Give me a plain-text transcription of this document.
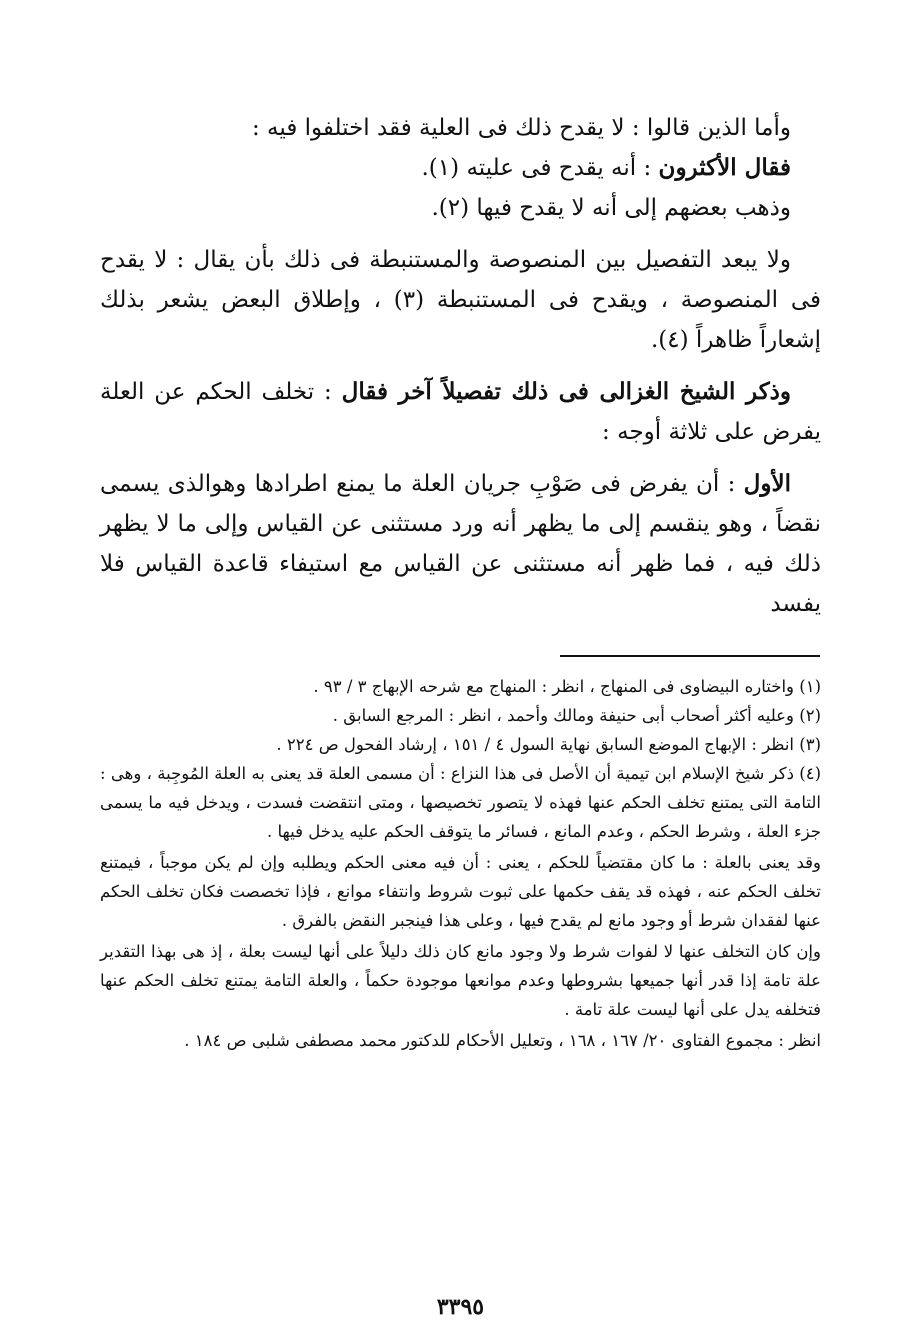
وأما الذين قالوا : لا يقدح ذلك فى العلية فقد اختلفوا فيه :

فقال الأكثرون : أنه يقدح فى عليته (١).

وذهب بعضهم إلى أنه لا يقدح فيها (٢).

ولا يبعد التفصيل بين المنصوصة والمستنبطة فى ذلك بأن يقال : لا يقدح فى المنصوصة ، ويقدح فى المستنبطة (٣) ، وإطلاق البعض يشعر بذلك إشعاراً ظاهراً (٤).

وذكر الشيخ الغزالى فى ذلك تفصيلاً آخر فقال : تخلف الحكم عن العلة يفرض على ثلاثة أوجه :

الأول : أن يفرض فى صَوْبِ جريان العلة ما يمنع اطرادها وهوالذى يسمى نقضاً ، وهو ينقسم إلى ما يظهر أنه ورد مستثنى عن القياس وإلى ما لا يظهر ذلك فيه ، فما ظهر أنه مستثنى عن القياس مع استيفاء قاعدة القياس فلا يفسد

(١) واختاره البيضاوى فى المنهاج ، انظر : المنهاج مع شرحه الإبهاج ٣ / ٩٣ .

(٢) وعليه أكثر أصحاب أبى حنيفة ومالك وأحمد ، انظر : المرجع السابق .

(٣) انظر : الإبهاج الموضع السابق نهاية السول ٤ / ١٥١ ، إرشاد الفحول ص ٢٢٤ .

(٤) ذكر شيخ الإسلام ابن تيمية أن الأصل فى هذا النزاع : أن مسمى العلة قد يعنى به العلة المُوجِبة ، وهى : التامة التى يمتنع تخلف الحكم عنها فهذه لا يتصور تخصيصها ، ومتى انتقضت فسدت ، ويدخل فيه ما يسمى جزء العلة ، وشرط الحكم ، وعدم المانع ، فسائر ما يتوقف الحكم عليه يدخل فيها .

وقد يعنى بالعلة : ما كان مقتضياً للحكم ، يعنى : أن فيه معنى الحكم ويطلبه وإن لم يكن موجباً ، فيمتنع تخلف الحكم عنه ، فهذه قد يقف حكمها على ثبوت شروط وانتفاء موانع ، فإذا تخصصت فكان تخلف الحكم عنها لفقدان شرط أو وجود مانع لم يقدح فيها ، وعلى هذا فينجبر النقض بالفرق .

وإن كان التخلف عنها لا لفوات شرط ولا وجود مانع كان ذلك دليلاً على أنها ليست بعلة ، إذ هى بهذا التقدير علة تامة إذا قدر أنها جميعها بشروطها وعدم موانعها موجودة حكماً ، والعلة التامة يمتنع تخلف الحكم عنها فتخلفه يدل على أنها ليست علة تامة .

انظر : مجموع الفتاوى ٢٠/ ١٦٧ ، ١٦٨ ، وتعليل الأحكام للدكتور محمد مصطفى شلبى ص ١٨٤ .

٣٣٩٥
